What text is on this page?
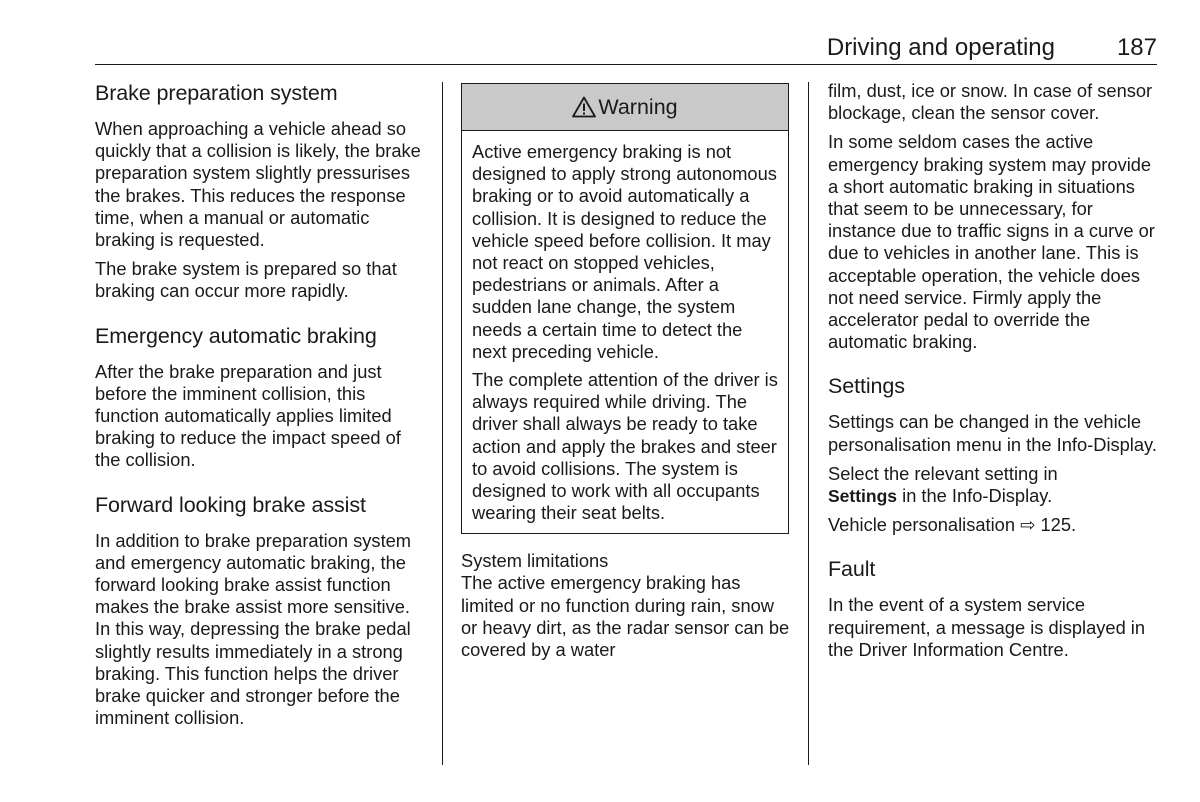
Driving and operating	187
Brake preparation system

When approaching a vehicle ahead so quickly that a collision is likely, the brake preparation system slightly pressurises the brakes. This reduces the response time, when a manual or automatic braking is requested.

The brake system is prepared so that braking can occur more rapidly.

Emergency automatic braking

After the brake preparation and just before the imminent collision, this function automatically applies limited braking to reduce the impact speed of the collision.

Forward looking brake assist

In addition to brake preparation system and emergency automatic braking, the forward looking brake assist function makes the brake assist more sensitive. In this way, depressing the brake pedal slightly results immediately in a strong braking. This function helps the driver brake quicker and stronger before the imminent collision.

Warning

Active emergency braking is not designed to apply strong autonomous braking or to avoid automatically a collision. It is designed to reduce the vehicle speed before collision. It may not react on stopped vehicles, pedestrians or animals. After a sudden lane change, the system needs a certain time to detect the next preceding vehicle.

The complete attention of the driver is always required while driving. The driver shall always be ready to take action and apply the brakes and steer to avoid collisions. The system is designed to work with all occupants wearing their seat belts.

System limitations

The active emergency braking has limited or no function during rain, snow or heavy dirt, as the radar sensor can be covered by a water

film, dust, ice or snow. In case of sensor blockage, clean the sensor cover.

In some seldom cases the active emergency braking system may provide a short automatic braking in situations that seem to be unnecessary, for instance due to traffic signs in a curve or due to vehicles in another lane. This is acceptable operation, the vehicle does not need service. Firmly apply the accelerator pedal to override the automatic braking.

Settings

Settings can be changed in the vehicle personalisation menu in the Info-Display.

Select the relevant setting in
Settings in the Info-Display.

Vehicle personalisation ⇨ 125.

Fault

In the event of a system service requirement, a message is displayed in the Driver Information Centre.
